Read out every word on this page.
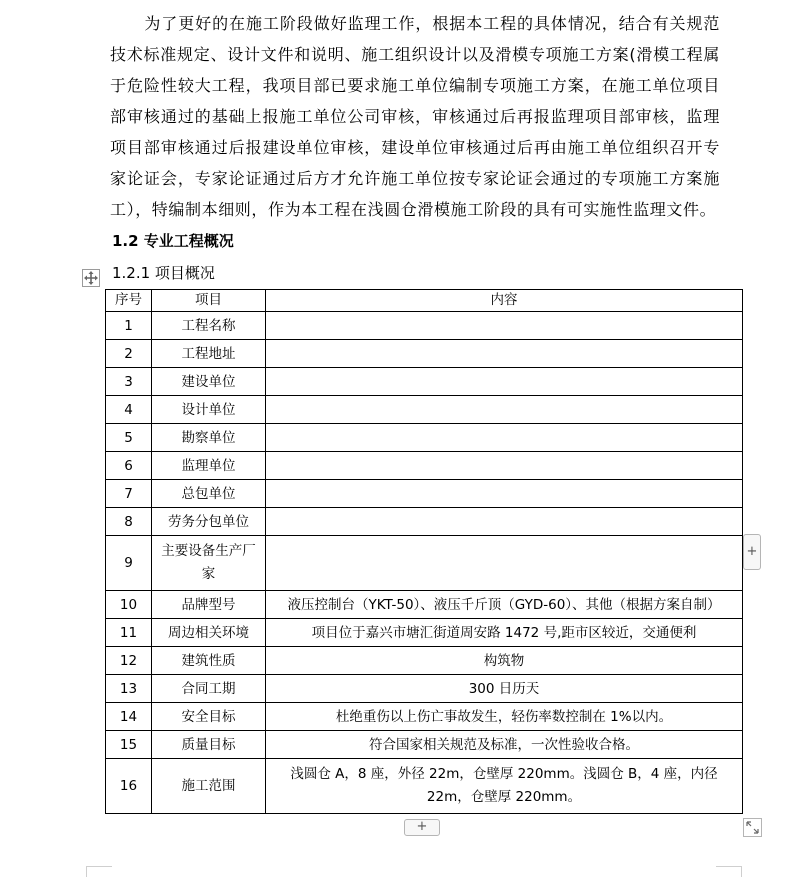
为了更好的在施工阶段做好监理工作，根据本工程的具体情况，结合有关规范技术标准规定、设计文件和说明、施工组织设计以及滑模专项施工方案(滑模工程属于危险性较大工程，我项目部已要求施工单位编制专项施工方案，在施工单位项目部审核通过的基础上报施工单位公司审核，审核通过后再报监理项目部审核，监理项目部审核通过后报建设单位审核，建设单位审核通过后再由施工单位组织召开专家论证会，专家论证通过后方才允许施工单位按专家论证会通过的专项施工方案施工），特编制本细则，作为本工程在浅圆仓滑模施工阶段的具有可实施性监理文件。

1.2 专业工程概况

1.2.1 项目概况

序号	项目	内容
1	工程名称	
2	工程地址	
3	建设单位	
4	设计单位	
5	勘察单位	
6	监理单位	
7	总包单位	
8	劳务分包单位	
9	主要设备生产厂家	
10	品牌型号	液压控制台（YKT-50）、液压千斤顶（GYD-60）、其他（根据方案自制）
11	周边相关环境	项目位于嘉兴市塘汇街道周安路 1472 号,距市区较近，交通便利
12	建筑性质	构筑物
13	合同工期	300 日历天
14	安全目标	杜绝重伤以上伤亡事故发生，轻伤率数控制在 1%以内。
15	质量目标	符合国家相关规范及标准，一次性验收合格。
16	施工范围	浅圆仓 A，8 座，外径 22m，仓壁厚 220mm。浅圆仓 B，4 座，内径 22m，仓壁厚 220mm。
+
+
